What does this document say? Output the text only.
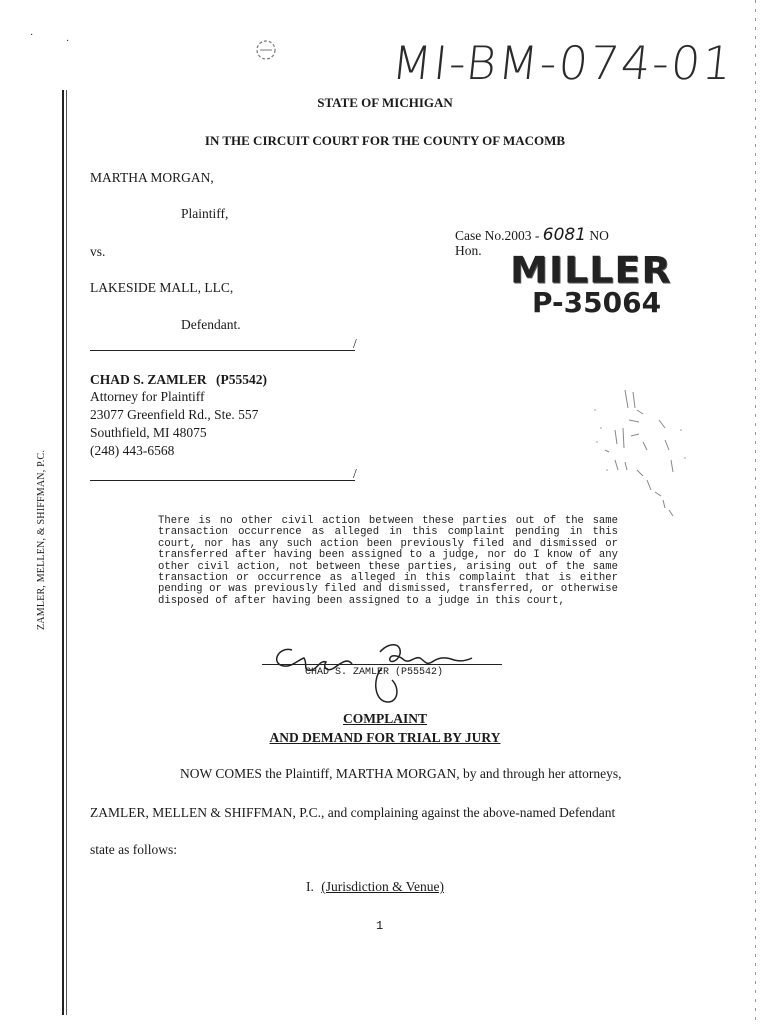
·
·
ZAMLER, MELLEN, & SHIFFMAN, P.C.
MI-BM-074-01
STATE OF MICHIGAN
IN THE CIRCUIT COURT FOR THE COUNTY OF MACOMB
MARTHA MORGAN,
Plaintiff,
vs.
LAKESIDE MALL, LLC,
Defendant.
/
Case No.2003 - 6081 NO
Hon. MILLER
P-35064
CHAD S. ZAMLER (P55542)
Attorney for Plaintiff
23077 Greenfield Rd., Ste. 557
Southfield, MI 48075
(248) 443-6568
/
There is no other civil action between these parties out of the same transaction occurrence as alleged in this complaint pending in this court, nor has any such action been previously filed and dismissed or transferred after having been assigned to a judge, nor do I know of any other civil action, not between these parties, arising out of the same transaction or occurrence as alleged in this complaint that is either pending or was previously filed and dismissed, transferred, or otherwise disposed of after having been assigned to a judge in this court,
CHAD S. ZAMLER (P55542)
COMPLAINT
AND DEMAND FOR TRIAL BY JURY
NOW COMES the Plaintiff, MARTHA MORGAN, by and through her attorneys,
ZAMLER, MELLEN & SHIFFMAN, P.C., and complaining against the above-named Defendant
state as follows:
I. (Jurisdiction & Venue)
1
